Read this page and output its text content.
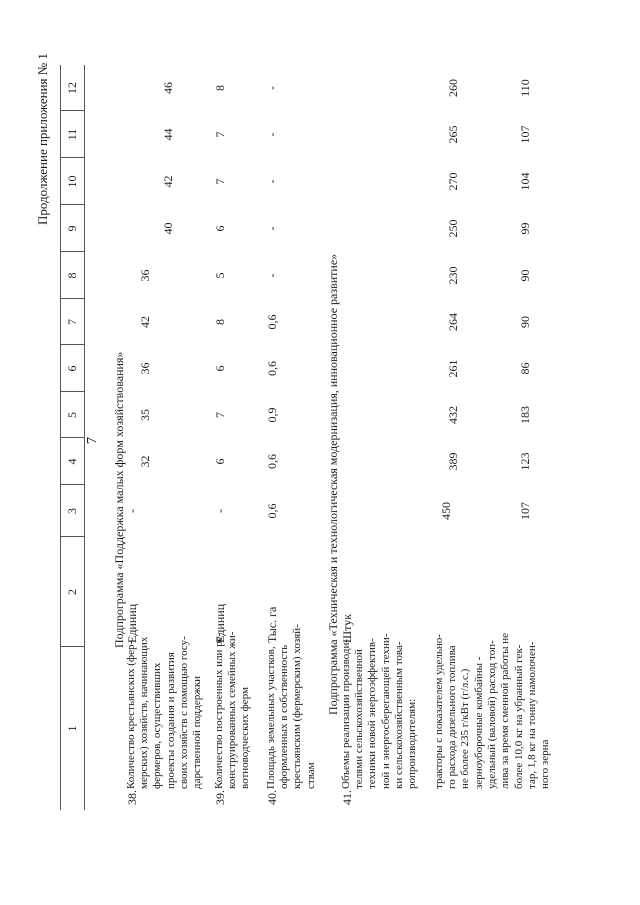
7
Продолжение приложения № 1
1
2
3
4
5
6
7
8
9
10
11
12
Подпрограмма «Поддержка малых форм хозяйствования»
38.
Количество крестьянских (фер-
мерских) хозяйств, начинающих
фермеров, осуществивших
проекты создания и развития
своих хозяйств с помощью госу-
дарственной поддержки
Единиц
-
32
35
36
42
36
40
42
44
46
39.
Количество построенных или ре-
конструированных семейных жи-
вотноводческих ферм
Единиц
-
6
7
6
8
5
6
7
7
8
40.
Площадь земельных участков,
оформленных в собственность
крестьянским (фермерским) хозяй-
ствам
Тыс. га
0,6
0,6
0,9
0,6
0,6
-
-
-
-
-
Подпрограмма «Техническая и технологическая модернизация, инновационное развитие»
41.
Объемы реализации производи-
телями сельскохозяйственной
техники новой энергоэффектив-
ной и энергосберегающей техни-
ки сельскохозяйственным това-
ропроизводителям:

Штук
тракторы с показателем удельно-
го расхода дизельного топлива
не более 235 г/кВт (г/л.с.)
450
389
432
261
264
230
250
270
265
260
зерноуборочные комбайны -
удельный (валовой) расход топ-
лива за время сменной работы не
более 10,0 кг на убранный гек-
тар, 1,8 кг на тонну намолочен-
ного зерна

107
123
183
86
90
90
99
104
107
110
